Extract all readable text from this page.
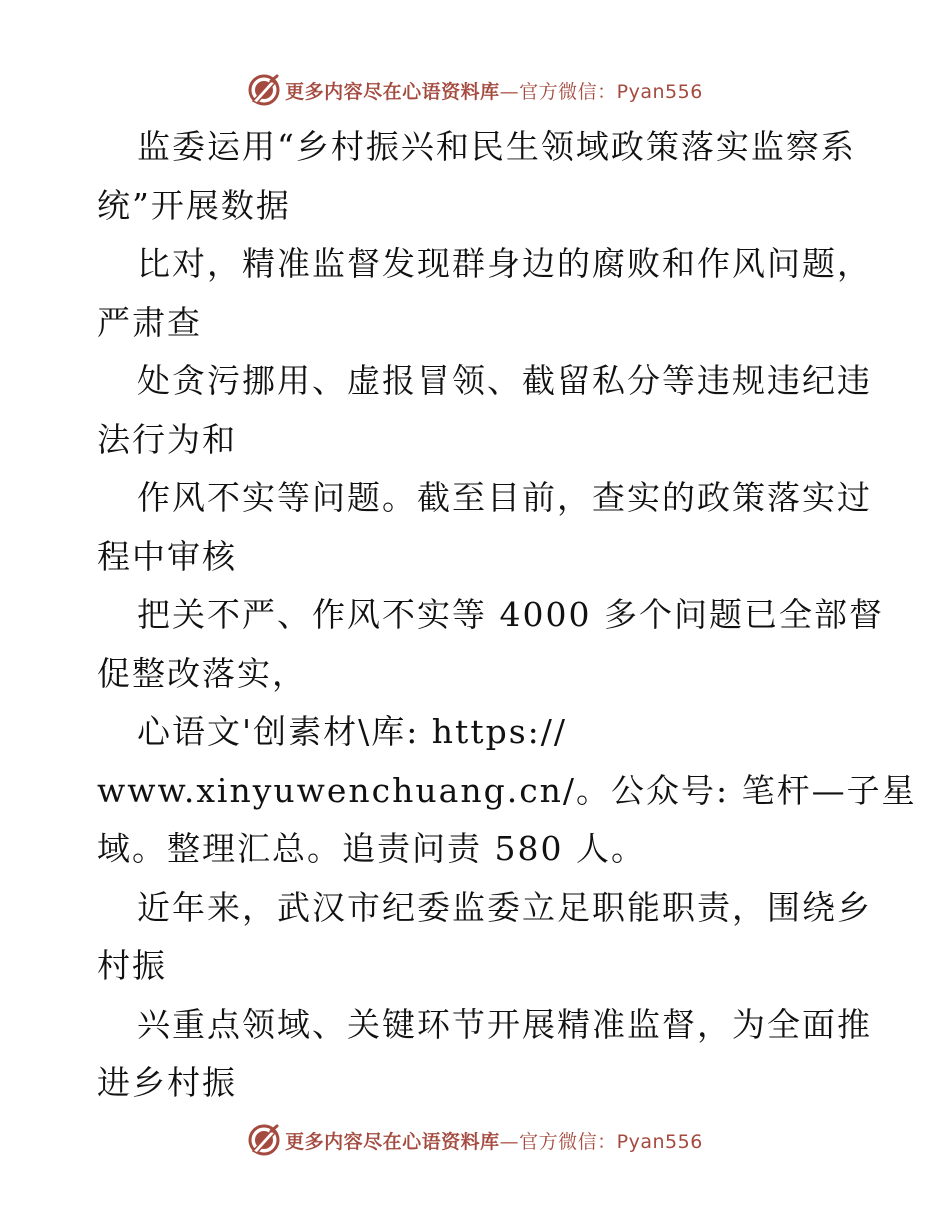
更多内容尽在心语资料库—官方微信：Pyan556
监委运用“乡村振兴和民生领域政策落实监察系
统”开展数据
比对，精准监督发现群身边的腐败和作风问题，
严肃查
处贪污挪用、虚报冒领、截留私分等违规违纪违
法行为和
作风不实等问题。截至目前，查实的政策落实过
程中审核
把关不严、作风不实等 4000 多个问题已全部督
促整改落实，
心语文'创素材\库: https://
www.xinyuwenchuang.cn/。公众号: 笔杆—子星
域。整理汇总。追责问责 580 人。
近年来，武汉市纪委监委立足职能职责，围绕乡
村振
兴重点领域、关键环节开展精准监督，为全面推
进乡村振
更多内容尽在心语资料库—官方微信：Pyan556
